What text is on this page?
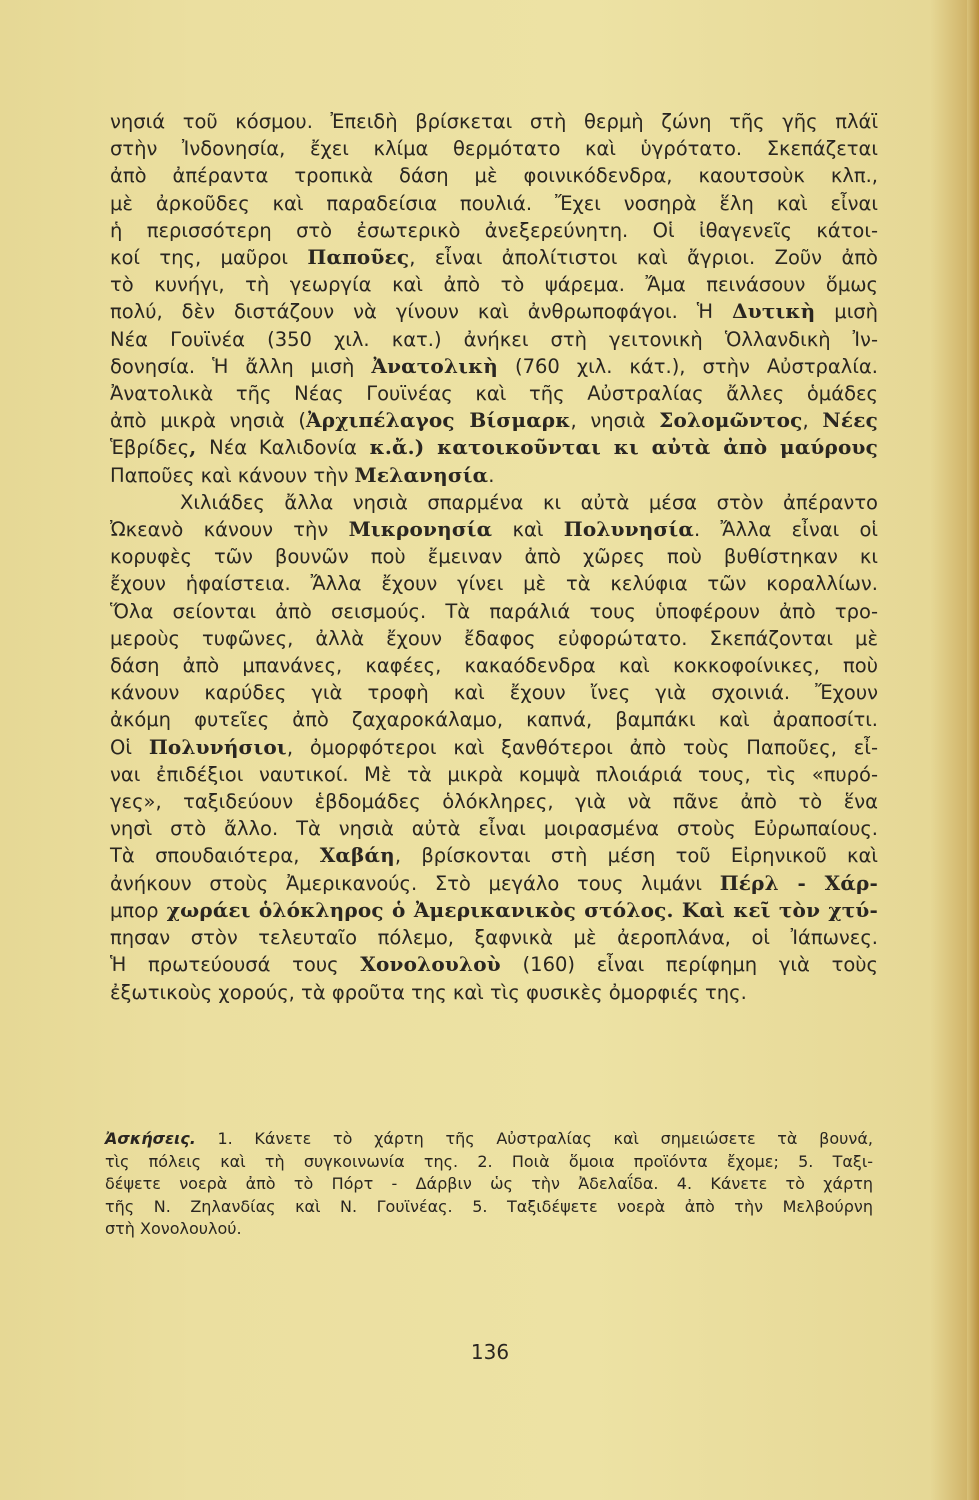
νησιά τοῦ κόσμου. Ἐπειδὴ βρίσκεται στὴ θερμὴ ζώνη τῆς γῆς πλάϊ
στὴν Ἰνδονησία, ἔχει κλίμα θερμότατο καὶ ὑγρότατο. Σκεπάζεται
ἀπὸ ἀπέραντα τροπικὰ δάση μὲ φοινικόδενδρα, καουτσοὺκ κλπ.,
μὲ ἀρκοῦδες καὶ παραδείσια πουλιά. Ἔχει νοσηρὰ ἕλη καὶ εἶναι
ἡ περισσότερη στὸ ἐσωτερικὸ ἀνεξερεύνητη. Οἱ ἰθαγενεῖς κάτοι-
κοί της, μαῦροι Παποῦες, εἶναι ἀπολίτιστοι καὶ ἄγριοι. Ζοῦν ἀπὸ
τὸ κυνήγι, τὴ γεωργία καὶ ἀπὸ τὸ ψάρεμα. Ἄμα πεινάσουν ὅμως
πολύ, δὲν διστάζουν νὰ γίνουν καὶ ἀνθρωποφάγοι. Ἡ Δυτικὴ μισὴ
Νέα Γουϊνέα (350 χιλ. κατ.) ἀνήκει στὴ γειτονικὴ Ὁλλανδικὴ Ἰν-
δονησία. Ἡ ἄλλη μισὴ Ἀνατολικὴ (760 χιλ. κάτ.), στὴν Αὐστραλία.
Ἀνατολικὰ τῆς Νέας Γουϊνέας καὶ τῆς Αὐστραλίας ἄλλες ὁμάδες
ἀπὸ μικρὰ νησιὰ (Ἀρχιπέλαγος Βίσμαρκ, νησιὰ Σολομῶντος, Νέες
Ἑβρίδες, Νέα Καλιδονία κ.ἄ.) κατοικοῦνται κι αὐτὰ ἀπὸ μαύρους
Παποῦες καὶ κάνουν τὴν Μελανησία.
Χιλιάδες ἄλλα νησιὰ σπαρμένα κι αὐτὰ μέσα στὸν ἀπέραντο
Ὠκεανὸ κάνουν τὴν Μικρονησία καὶ Πολυνησία. Ἄλλα εἶναι οἱ
κορυφὲς τῶν βουνῶν ποὺ ἔμειναν ἀπὸ χῶρες ποὺ βυθίστηκαν κι
ἔχουν ἡφαίστεια. Ἄλλα ἔχουν γίνει μὲ τὰ κελύφια τῶν κοραλλίων.
Ὅλα σείονται ἀπὸ σεισμούς. Τὰ παράλιά τους ὑποφέρουν ἀπὸ τρο-
μεροὺς τυφῶνες, ἀλλὰ ἔχουν ἔδαφος εὐφορώτατο. Σκεπάζονται μὲ
δάση ἀπὸ μπανάνες, καφέες, κακαόδενδρα καὶ κοκκοφοίνικες, ποὺ
κάνουν καρύδες γιὰ τροφὴ καὶ ἔχουν ἴνες γιὰ σχοινιά. Ἔχουν
ἀκόμη φυτεῖες ἀπὸ ζαχαροκάλαμο, καπνά, βαμπάκι καὶ ἀραποσίτι.
Οἱ Πολυνήσιοι, ὀμορφότεροι καὶ ξανθότεροι ἀπὸ τοὺς Παποῦες, εἶ-
ναι ἐπιδέξιοι ναυτικοί. Μὲ τὰ μικρὰ κομψὰ πλοιάριά τους, τὶς «πυρό-
γες», ταξιδεύουν ἑβδομάδες ὁλόκληρες, γιὰ νὰ πᾶνε ἀπὸ τὸ ἕνα
νησὶ στὸ ἄλλο. Τὰ νησιὰ αὐτὰ εἶναι μοιρασμένα στοὺς Εὐρωπαίους.
Τὰ σπουδαιότερα, Χαβάη, βρίσκονται στὴ μέση τοῦ Εἰρηνικοῦ καὶ
ἀνήκουν στοὺς Ἀμερικανούς. Στὸ μεγάλο τους λιμάνι Πέρλ - Χάρ-
μπορ χωράει ὁλόκληρος ὁ Ἀμερικανικὸς στόλος. Καὶ κεῖ τὸν χτύ-
πησαν στὸν τελευταῖο πόλεμο, ξαφνικὰ μὲ ἀεροπλάνα, οἱ Ἰάπωνες.
Ἡ πρωτεύουσά τους Χονολουλοὺ (160) εἶναι περίφημη γιὰ τοὺς
ἐξωτικοὺς χορούς, τὰ φροῦτα της καὶ τὶς φυσικὲς ὀμορφιές της.
Ἀσκήσεις. 1. Κάνετε τὸ χάρτη τῆς Αὐστραλίας καὶ σημειώσετε τὰ βουνά,
τὶς πόλεις καὶ τὴ συγκοινωνία της. 2. Ποιὰ ὅμοια προϊόντα ἔχομε; 5. Ταξι-
δέψετε νοερὰ ἀπὸ τὸ Πόρτ - Δάρβιν ὡς τὴν Ἀδελαΐδα. 4. Κάνετε τὸ χάρτη
τῆς Ν. Ζηλανδίας καὶ Ν. Γουϊνέας. 5. Ταξιδέψετε νοερὰ ἀπὸ τὴν Μελβούρνη
στὴ Χονολουλού.
136
